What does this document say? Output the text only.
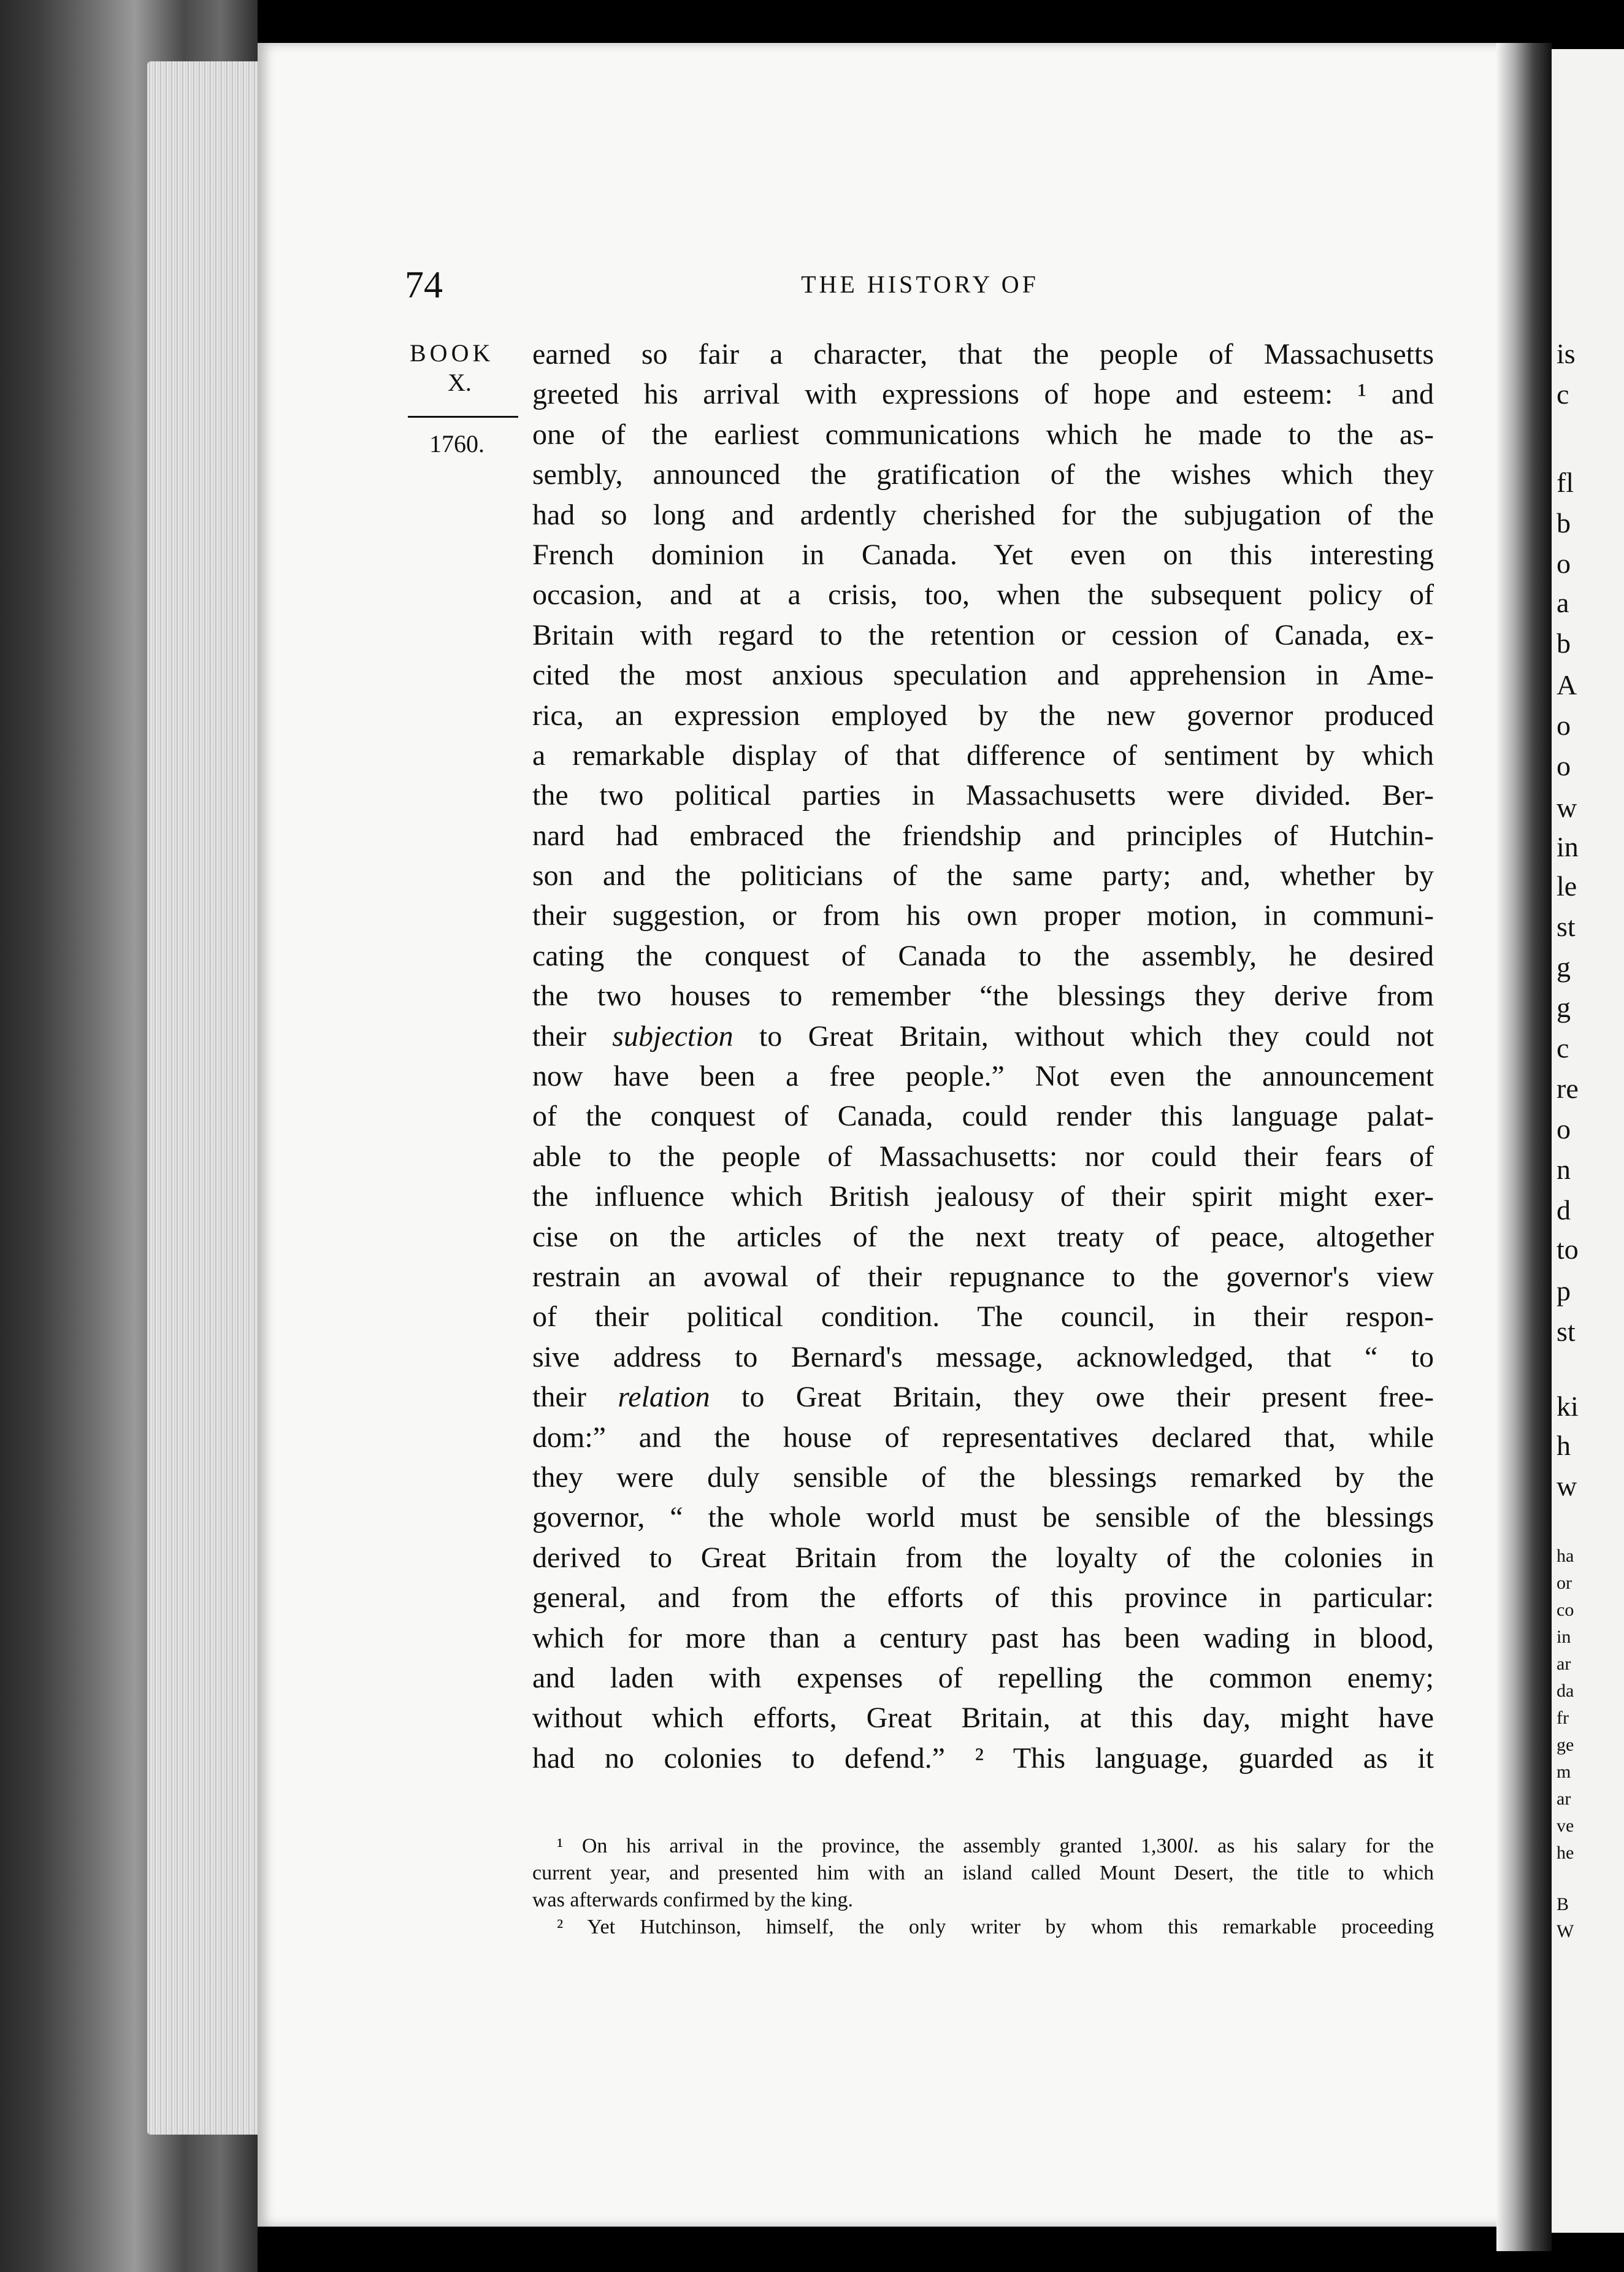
is
c
fl
b
o
a
b
A
o
o
w
in
le
st
g
g
c
re
o
n
d
to
p
st
ki
h
w
ha
or
co
in
ar
da
fr
ge
m
ar
ve
he
B
W
74	THE HISTORY OF
BOOK
X.
1760.
earned so fair a character, that the people of Massachusetts
greeted his arrival with expressions of hope and esteem: ¹ and
one of the earliest communications which he made to the as-
sembly, announced the gratification of the wishes which they
had so long and ardently cherished for the subjugation of the
French dominion in Canada. Yet even on this interesting
occasion, and at a crisis, too, when the subsequent policy of
Britain with regard to the retention or cession of Canada, ex-
cited the most anxious speculation and apprehension in Ame-
rica, an expression employed by the new governor produced
a remarkable display of that difference of sentiment by which
the two political parties in Massachusetts were divided. Ber-
nard had embraced the friendship and principles of Hutchin-
son and the politicians of the same party; and, whether by
their suggestion, or from his own proper motion, in communi-
cating the conquest of Canada to the assembly, he desired
the two houses to remember “the blessings they derive from
their subjection to Great Britain, without which they could not
now have been a free people.” Not even the announcement
of the conquest of Canada, could render this language palat-
able to the people of Massachusetts: nor could their fears of
the influence which British jealousy of their spirit might exer-
cise on the articles of the next treaty of peace, altogether
restrain an avowal of their repugnance to the governor's view
of their political condition. The council, in their respon-
sive address to Bernard's message, acknowledged, that “ to
their relation to Great Britain, they owe their present free-
dom:” and the house of representatives declared that, while
they were duly sensible of the blessings remarked by the
governor, “ the whole world must be sensible of the blessings
derived to Great Britain from the loyalty of the colonies in
general, and from the efforts of this province in particular:
which for more than a century past has been wading in blood,
and laden with expenses of repelling the common enemy;
without which efforts, Great Britain, at this day, might have
had no colonies to defend.” ² This language, guarded as it
¹ On his arrival in the province, the assembly granted 1,300l. as his salary for the
current year, and presented him with an island called Mount Desert, the title to which
was afterwards confirmed by the king.
² Yet Hutchinson, himself, the only writer by whom this remarkable proceeding
